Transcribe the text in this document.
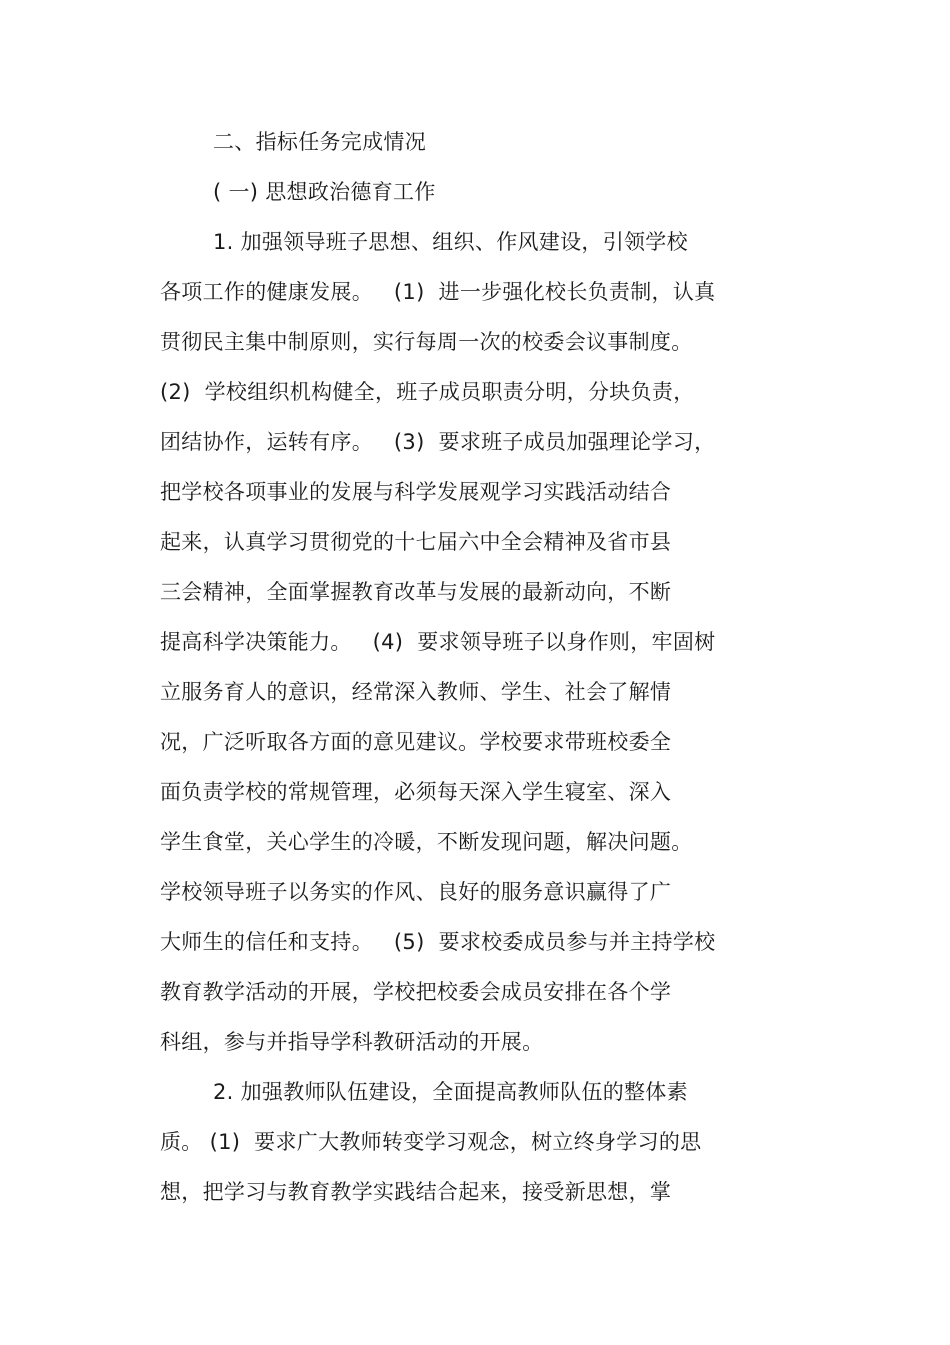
二、指标任务完成情况
( 一) 思想政治德育工作
1. 加强领导班子思想、组织、作风建设，引领学校
各项工作的健康发展。   (1)  进一步强化校长负责制，认真
贯彻民主集中制原则，实行每周一次的校委会议事制度。
(2)  学校组织机构健全，班子成员职责分明，分块负责，
团结协作，运转有序。   (3)  要求班子成员加强理论学习，
把学校各项事业的发展与科学发展观学习实践活动结合
起来，认真学习贯彻党的十七届六中全会精神及省市县
三会精神，全面掌握教育改革与发展的最新动向，不断
提高科学决策能力。   (4)  要求领导班子以身作则，牢固树
立服务育人的意识，经常深入教师、学生、社会了解情
况，广泛听取各方面的意见建议。学校要求带班校委全
面负责学校的常规管理，必须每天深入学生寝室、深入
学生食堂，关心学生的冷暖，不断发现问题，解决问题。
学校领导班子以务实的作风、良好的服务意识赢得了广
大师生的信任和支持。   (5)  要求校委成员参与并主持学校
教育教学活动的开展，学校把校委会成员安排在各个学
科组，参与并指导学科教研活动的开展。
2. 加强教师队伍建设，全面提高教师队伍的整体素
质。 (1)  要求广大教师转变学习观念，树立终身学习的思
想，把学习与教育教学实践结合起来，接受新思想，掌
